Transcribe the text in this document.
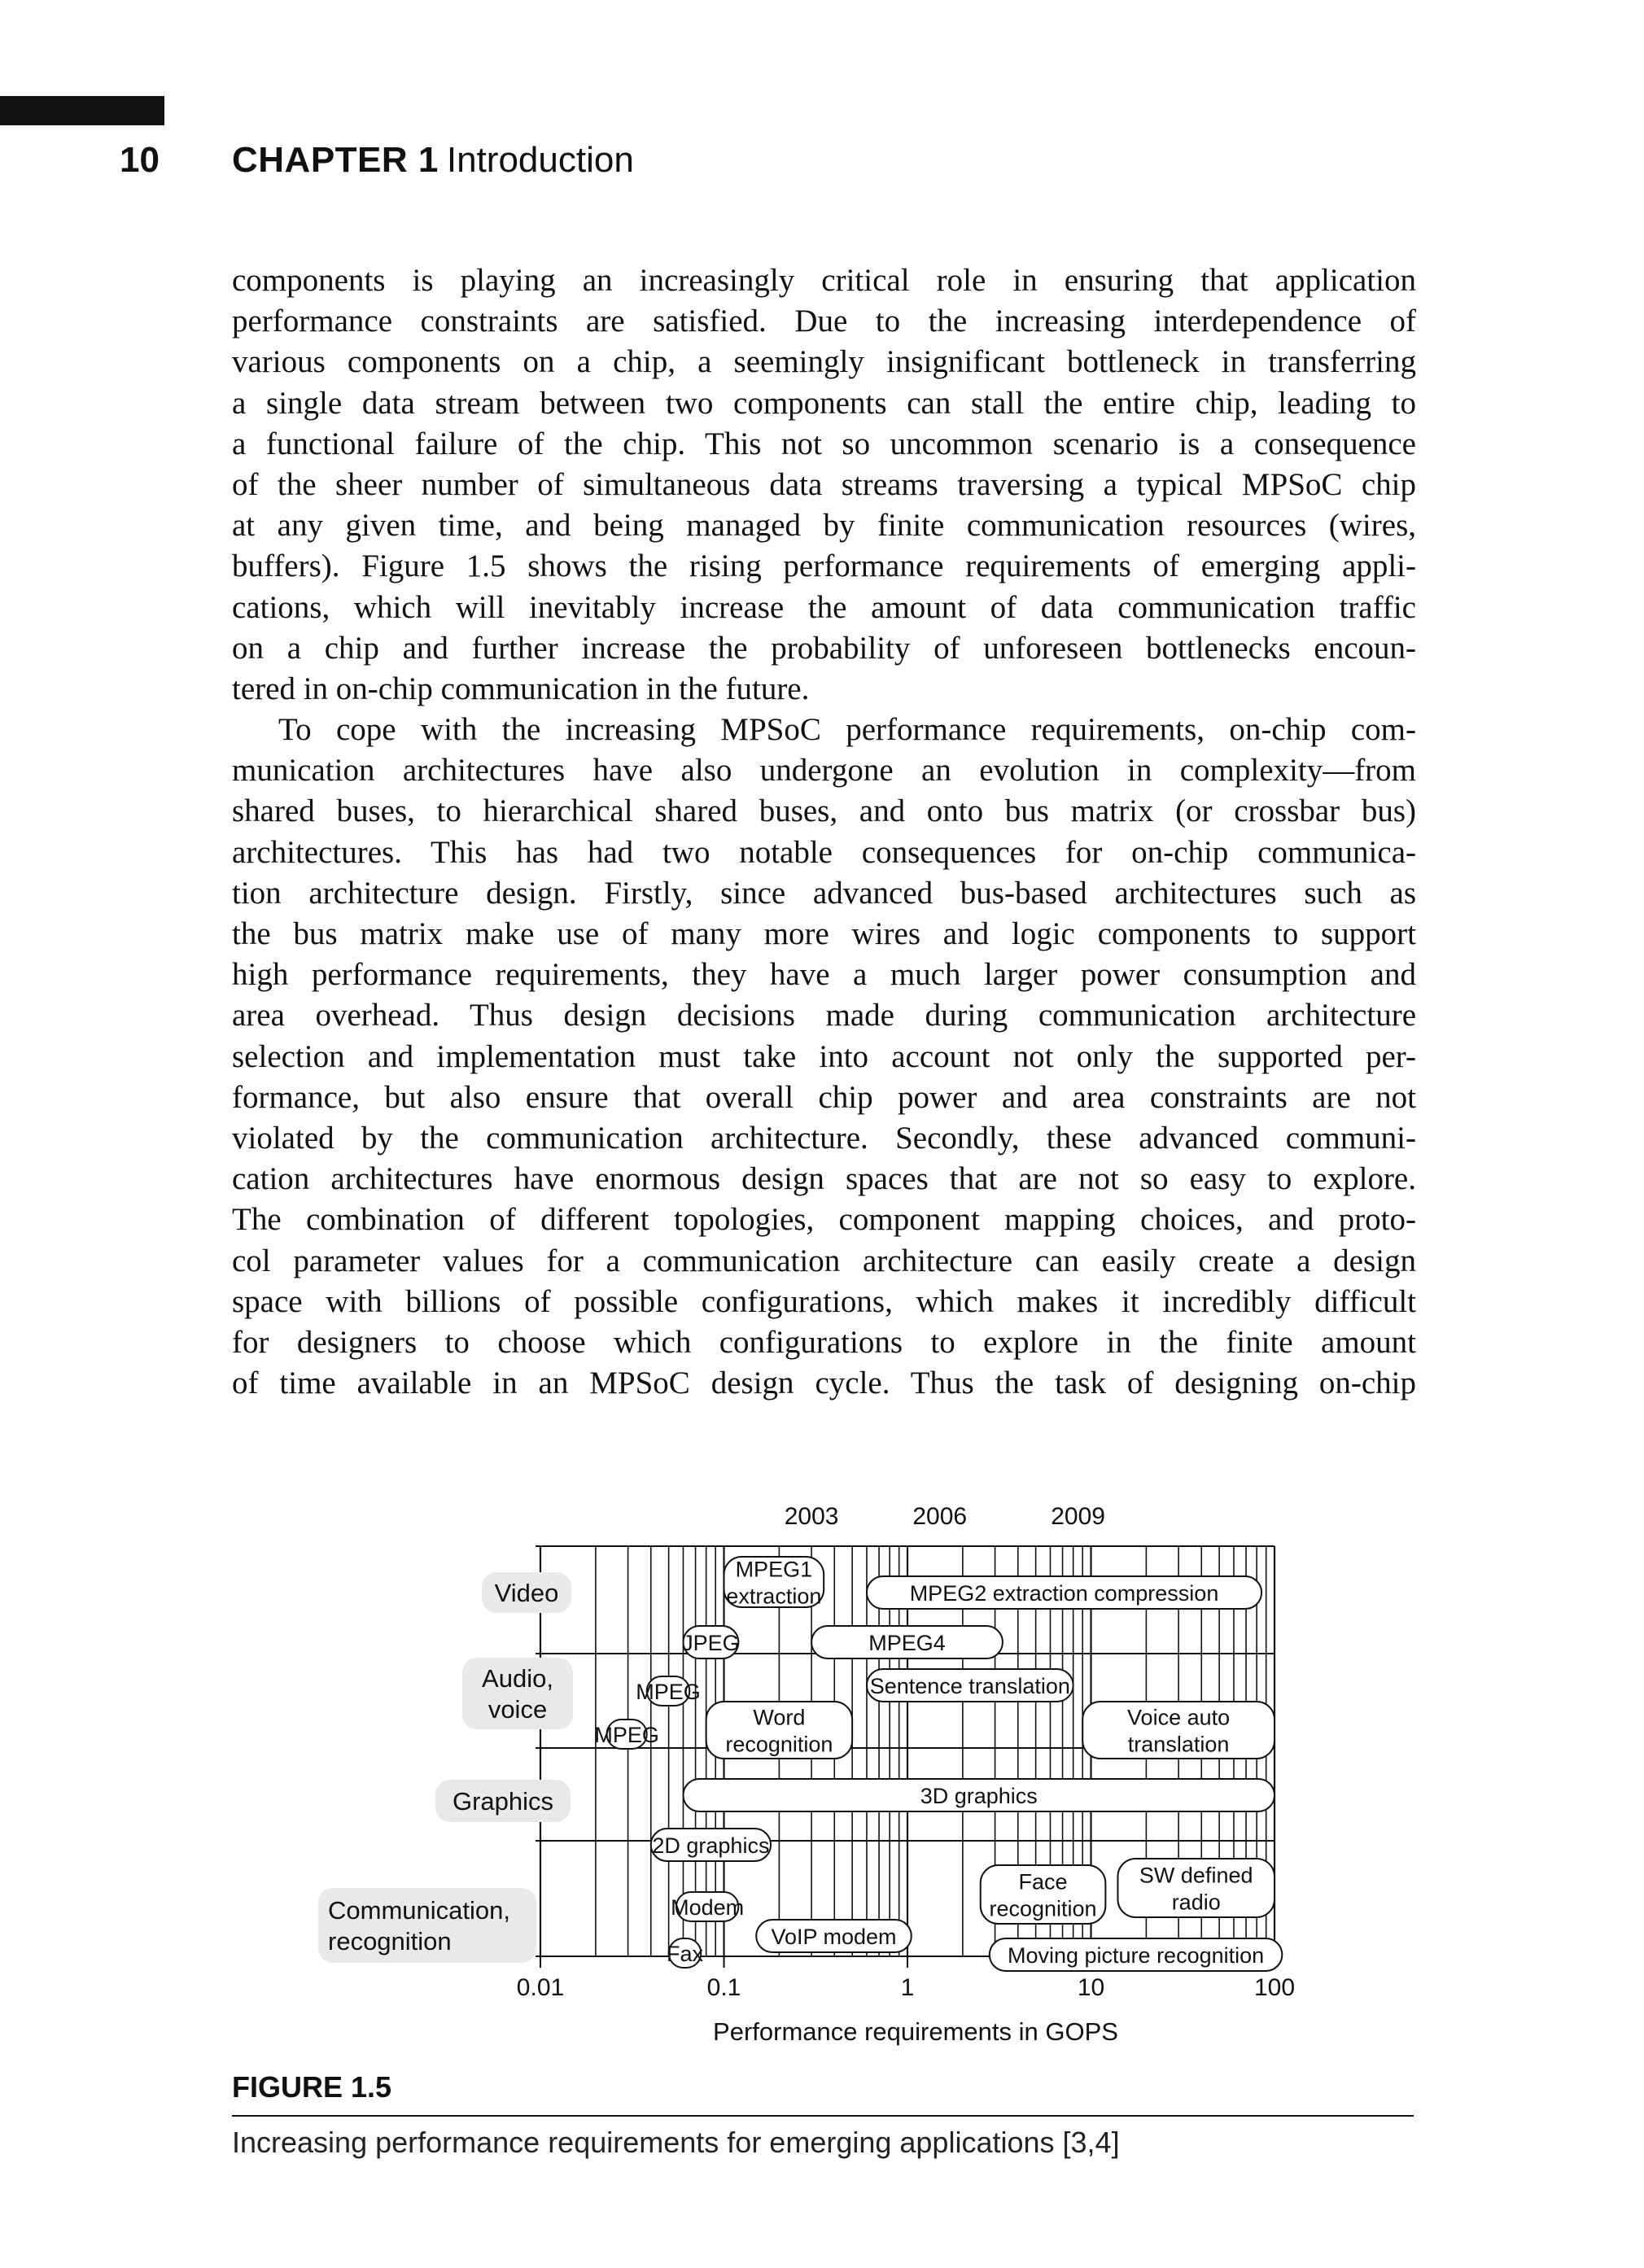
10 CHAPTER 1 Introduction

components is playing an increasingly critical role in ensuring that application
performance constraints are satisfied. Due to the increasing interdependence of
various components on a chip, a seemingly insignificant bottleneck in transferring
a single data stream between two components can stall the entire chip, leading to
a functional failure of the chip. This not so uncommon scenario is a consequence
of the sheer number of simultaneous data streams traversing a typical MPSoC chip
at any given time, and being managed by finite communication resources (wires,
buffers). Figure 1.5 shows the rising performance requirements of emerging appli-
cations, which will inevitably increase the amount of data communication traffic
on a chip and further increase the probability of unforeseen bottlenecks encoun-
tered in on-chip communication in the future.

To cope with the increasing MPSoC performance requirements, on-chip com-
munication architectures have also undergone an evolution in complexity—from
shared buses, to hierarchical shared buses, and onto bus matrix (or crossbar bus)
architectures. This has had two notable consequences for on-chip communica-
tion architecture design. Firstly, since advanced bus-based architectures such as
the bus matrix make use of many more wires and logic components to support
high performance requirements, they have a much larger power consumption and
area overhead. Thus design decisions made during communication architecture
selection and implementation must take into account not only the supported per-
formance, but also ensure that overall chip power and area constraints are not
violated by the communication architecture. Secondly, these advanced communi-
cation architectures have enormous design spaces that are not so easy to explore.
The combination of different topologies, component mapping choices, and proto-
col parameter values for a communication architecture can easily create a design
space with billions of possible configurations, which makes it incredibly difficult
for designers to choose which configurations to explore in the finite amount
of time available in an MPSoC design cycle. Thus the task of designing on-chip

0.01	0.1	1	10	100
Performance requirements in GOPS
2003	2006	2009
Video
Audio,
voice
Graphics
Communication,
recognition
MPEG1
extraction	MPEG2 extraction compression
JPEG	MPEG4
MPEG	Sentence translation
MPEG
Word
recognition
Voice auto
translation
3D graphics
2D graphics
Face
recognition
SW defined
radio
Modem
VoIP modem
Fax	Moving picture recognition
FIGURE 1.5
Increasing performance requirements for emerging applications [3,4]
